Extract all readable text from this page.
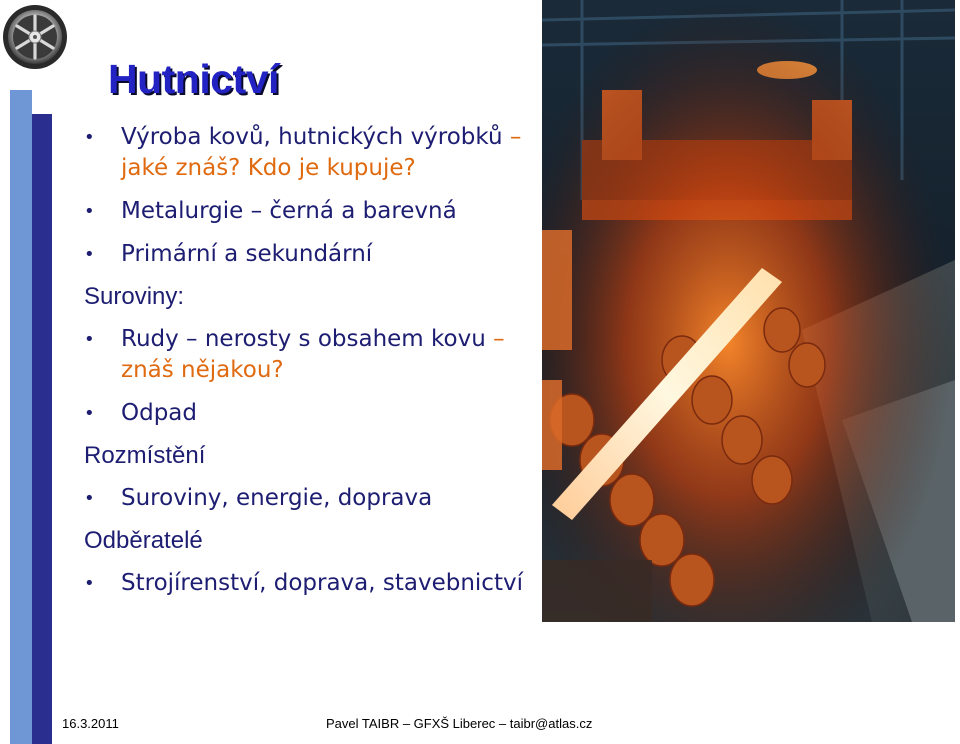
Hutnictví
• Výroba kovů, hutnických výrobků – jaké znáš? Kdo je kupuje?
• Metalurgie – černá a barevná
• Primární a sekundární
Suroviny:
• Rudy – nerosty s obsahem kovu – znáš nějakou?
• Odpad
Rozmístění
• Suroviny, energie, doprava
Odběratelé
• Strojírenství, doprava, stavebnictví
16.3.2011	Pavel TAIBR – GFXŠ Liberec – taibr@atlas.cz
